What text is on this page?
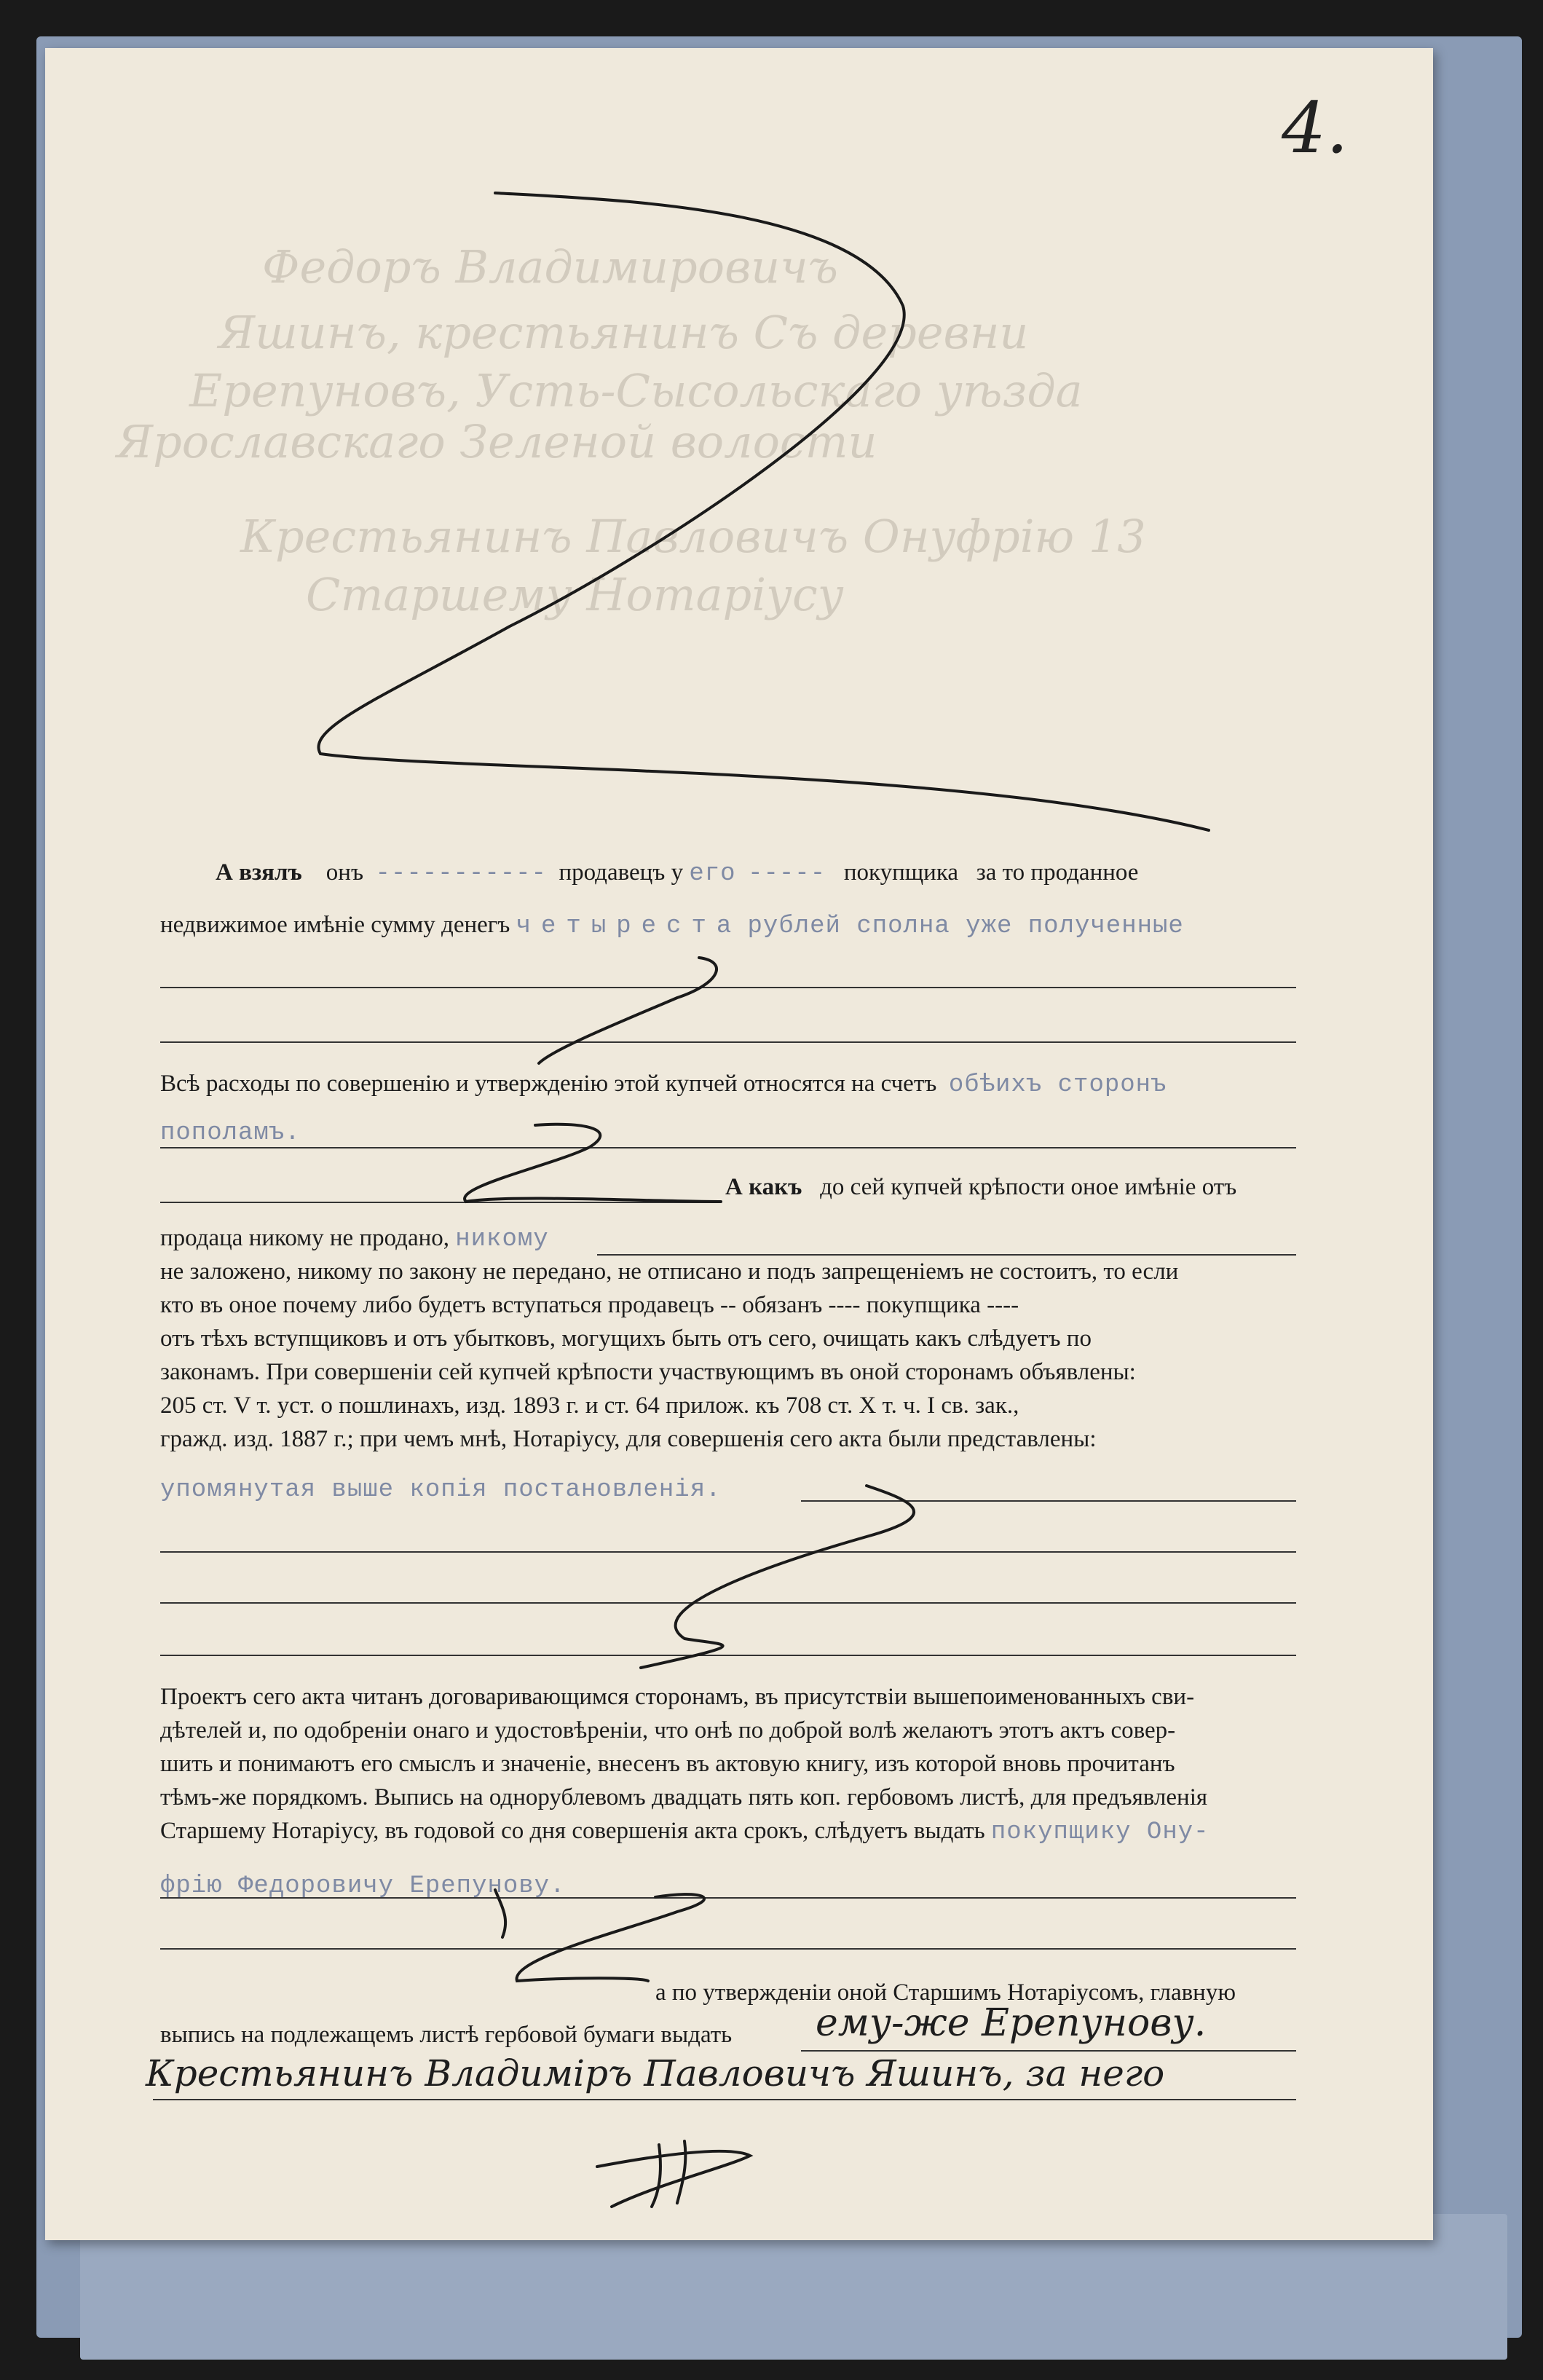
4.
Федоръ Владимировичъ
Яшинъ, крестьянинъ Съ деревни
Ерепуновъ, Усть-Сысольскаго уѣзда
Ярославскаго Зеленой волости
Крестьянинъ Павловичъ Онуфрію 13
Старшему Нотаріусу
А взялъ онъ ----------- продавецъ у его ----- покупщика за то проданное
недвижимое имѣніе сумму денегъ четыреста рублей сполна уже полученные
Всѣ расходы по совершенію и утвержденію этой купчей относятся на счетъ обѣихъ сторонъ
пополамъ.
А какъ до сей купчей крѣпости оное имѣніе отъ
продаца никому не продано, никому
не заложено, никому по закону не передано, не отписано и подъ запрещеніемъ не состоитъ, то если
кто въ оное почему либо будетъ вступаться продавецъ -- обязанъ ---- покупщика ----
отъ тѣхъ вступщиковъ и отъ убытковъ, могущихъ быть отъ сего, очищать какъ слѣдуетъ по
законамъ. При совершеніи сей купчей крѣпости участвующимъ въ оной сторонамъ объявлены:
205 ст. V т. уст. о пошлинахъ, изд. 1893 г. и ст. 64 прилож. къ 708 ст. X т. ч. I св. зак.,
гражд. изд. 1887 г.; при чемъ мнѣ, Нотаріусу, для совершенія сего акта были представлены:
упомянутая выше копія постановленія.
Проектъ сего акта читанъ договаривающимся сторонамъ, въ присутствіи вышепоименованныхъ сви-
дѣтелей и, по одобреніи онаго и удостовѣреніи, что онѣ по доброй волѣ желаютъ этотъ актъ совер-
шить и понимаютъ его смыслъ и значеніе, внесенъ въ актовую книгу, изъ которой вновь прочитанъ
тѣмъ-же порядкомъ. Выпись на однорублевомъ двадцать пять коп. гербовомъ листѣ, для предъявленія
Старшему Нотаріусу, въ годовой со дня совершенія акта срокъ, слѣдуетъ выдать покупщику Ону-
фрію Федоровичу Ерепунову.
а по утвержденіи оной Старшимъ Нотаріусомъ, главную
выпись на подлежащемъ листѣ гербовой бумаги выдать ему-же Ерепунову.
Крестьянинъ Владиміръ Павловичъ Яшинъ, за него
